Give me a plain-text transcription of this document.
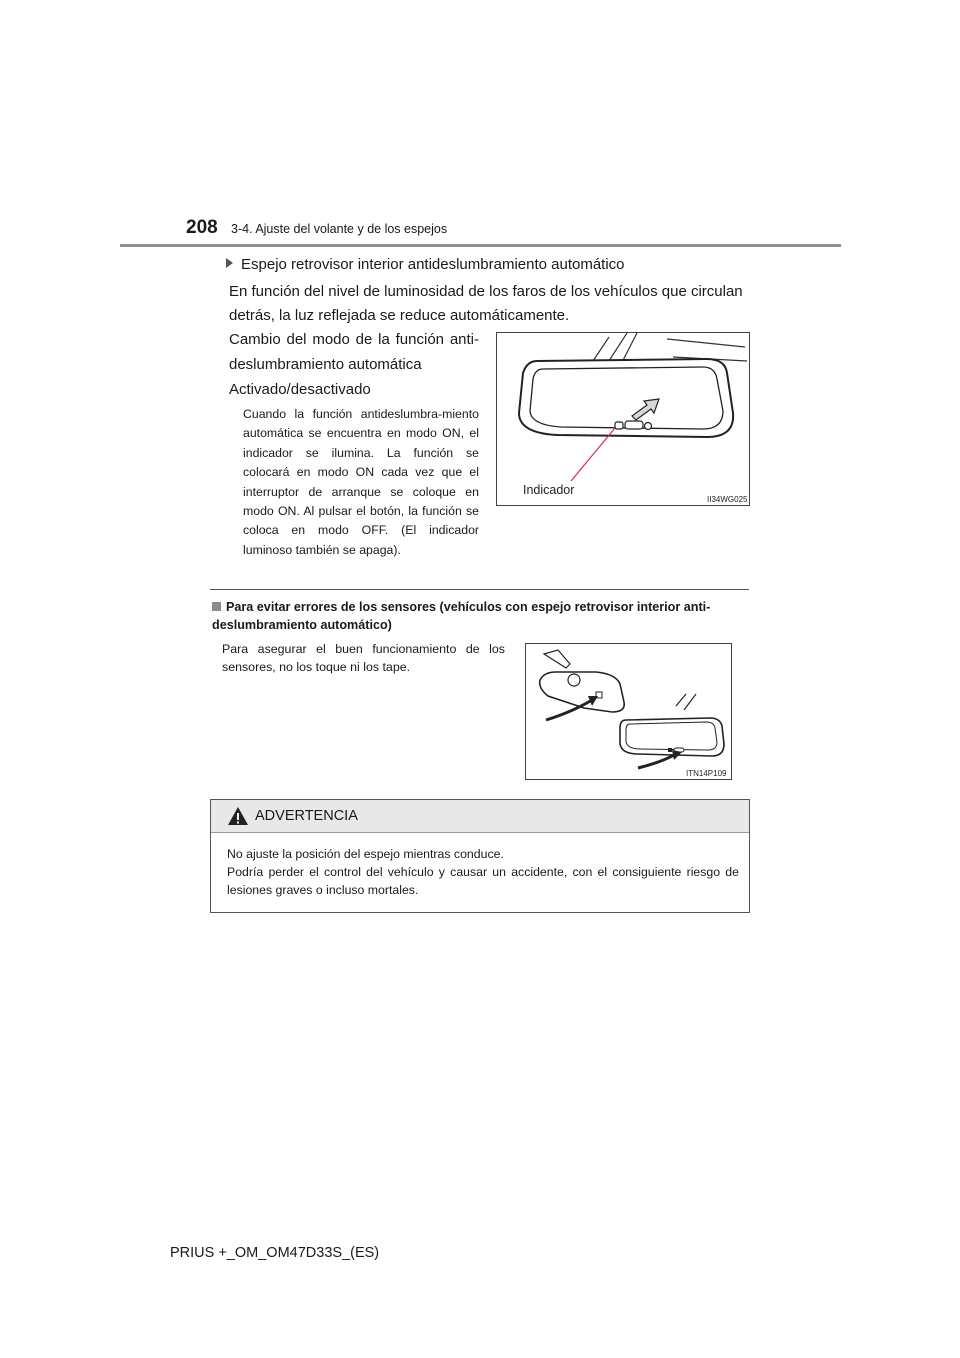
208 3-4. Ajuste del volante y de los espejos
Espejo retrovisor interior antideslumbramiento automático
En función del nivel de luminosidad de los faros de los vehículos que circulan detrás, la luz reflejada se reduce automáticamente.
Cambio del modo de la función anti-deslumbramiento automática
Activado/desactivado
Cuando la función antideslumbra-miento automática se encuentra en modo ON, el indicador se ilumina. La función se colocará en modo ON cada vez que el interruptor de arranque se coloque en modo ON. Al pulsar el botón, la función se coloca en modo OFF. (El indicador luminoso también se apaga).
Indicador
II34WG025
Para evitar errores de los sensores (vehículos con espejo retrovisor interior anti-deslumbramiento automático)
Para asegurar el buen funcionamiento de los sensores, no los toque ni los tape.
ITN14P109
ADVERTENCIA
No ajuste la posición del espejo mientras conduce.
Podría perder el control del vehículo y causar un accidente, con el consiguiente riesgo de lesiones graves o incluso mortales.
PRIUS +_OM_OM47D33S_(ES)
